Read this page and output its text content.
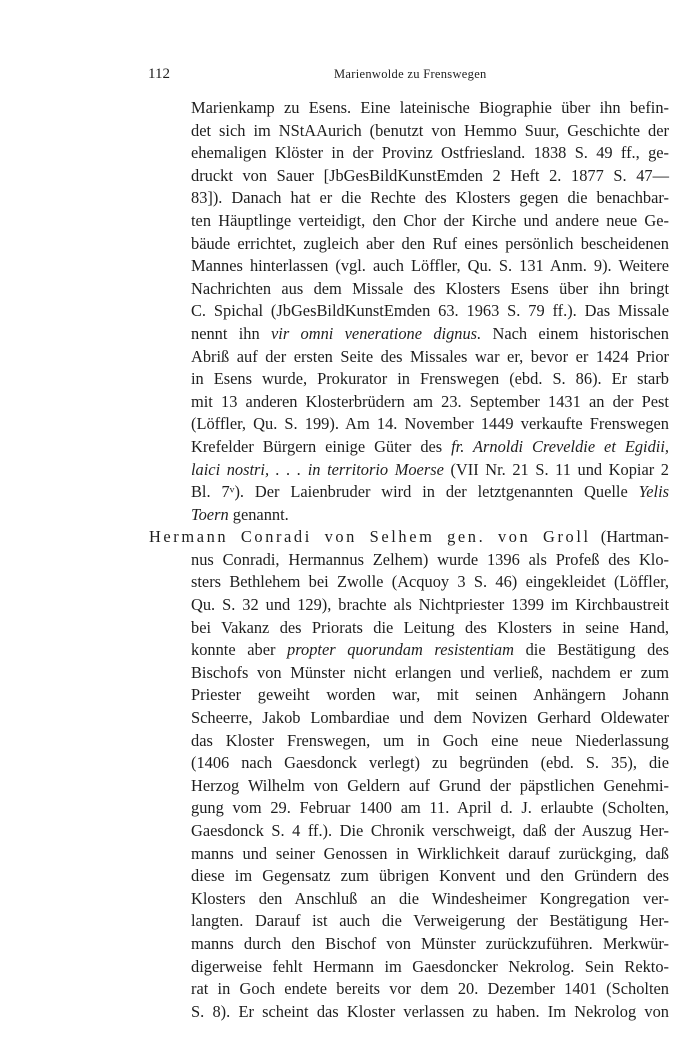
112	Marienwolde zu Frenswegen
Marienkamp zu Esens. Eine lateinische Biographie über ihn befin-
det sich im NStAAurich (benutzt von Hemmo Suur, Geschichte der
ehemaligen Klöster in der Provinz Ostfriesland. 1838 S. 49 ff., ge-
druckt von Sauer [JbGesBildKunstEmden 2 Heft 2. 1877 S. 47—
83]). Danach hat er die Rechte des Klosters gegen die benachbar-
ten Häuptlinge verteidigt, den Chor der Kirche und andere neue Ge-
bäude errichtet, zugleich aber den Ruf eines persönlich bescheidenen
Mannes hinterlassen (vgl. auch Löffler, Qu. S. 131 Anm. 9). Weitere
Nachrichten aus dem Missale des Klosters Esens über ihn bringt
C. Spichal (JbGesBildKunstEmden 63. 1963 S. 79 ff.). Das Missale
nennt ihn vir omni veneratione dignus. Nach einem historischen
Abriß auf der ersten Seite des Missales war er, bevor er 1424 Prior
in Esens wurde, Prokurator in Frenswegen (ebd. S. 86). Er starb
mit 13 anderen Klosterbrüdern am 23. September 1431 an der Pest
(Löffler, Qu. S. 199). Am 14. November 1449 verkaufte Frenswegen
Krefelder Bürgern einige Güter des fr. Arnoldi Creveldie et Egidii,
laici nostri, . . . in territorio Moerse (VII Nr. 21 S. 11 und Kopiar 2
Bl. 7ᵛ). Der Laienbruder wird in der letztgenannten Quelle Yelis
Toern genannt.
Hermann Conradi von Selhem gen. von Groll (Hartman-
nus Conradi, Hermannus Zelhem) wurde 1396 als Profeß des Klo-
sters Bethlehem bei Zwolle (Acquoy 3 S. 46) eingekleidet (Löffler,
Qu. S. 32 und 129), brachte als Nichtpriester 1399 im Kirchbaustreit
bei Vakanz des Priorats die Leitung des Klosters in seine Hand,
konnte aber propter quorundam resistentiam die Bestätigung des
Bischofs von Münster nicht erlangen und verließ, nachdem er zum
Priester geweiht worden war, mit seinen Anhängern Johann
Scheerre, Jakob Lombardiae und dem Novizen Gerhard Oldewater
das Kloster Frenswegen, um in Goch eine neue Niederlassung
(1406 nach Gaesdonck verlegt) zu begründen (ebd. S. 35), die
Herzog Wilhelm von Geldern auf Grund der päpstlichen Genehmi-
gung vom 29. Februar 1400 am 11. April d. J. erlaubte (Scholten,
Gaesdonck S. 4 ff.). Die Chronik verschweigt, daß der Auszug Her-
manns und seiner Genossen in Wirklichkeit darauf zurückging, daß
diese im Gegensatz zum übrigen Konvent und den Gründern des
Klosters den Anschluß an die Windesheimer Kongregation ver-
langten. Darauf ist auch die Verweigerung der Bestätigung Her-
manns durch den Bischof von Münster zurückzuführen. Merkwür-
digerweise fehlt Hermann im Gaesdoncker Nekrolog. Sein Rekto-
rat in Goch endete bereits vor dem 20. Dezember 1401 (Scholten
S. 8). Er scheint das Kloster verlassen zu haben. Im Nekrolog von
